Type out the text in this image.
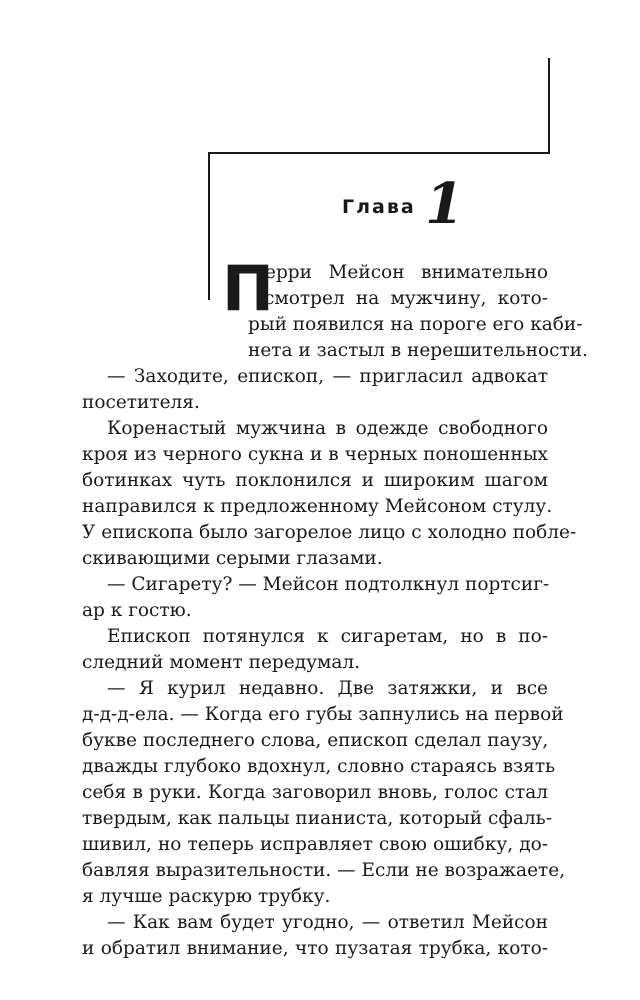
Глава 1
П
ерри Мейсон внимательно
смотрел на мужчину, кото-
рый появился на пороге его каби-
нета и застыл в нерешительности.
— Заходите, епископ, — пригласил адвокат
посетителя.
Коренастый мужчина в одежде свободного
кроя из черного сукна и в черных поношенных
ботинках чуть поклонился и широким шагом
направился к предложенному Мейсоном стулу.
У епископа было загорелое лицо с холодно побле-
скивающими серыми глазами.
— Сигарету? — Мейсон подтолкнул портсиг-
ар к гостю.
Епископ потянулся к сигаретам, но в по-
следний момент передумал.
— Я курил недавно. Две затяжки, и все
д-д-д-ела. — Когда его губы запнулись на первой
букве последнего слова, епископ сделал паузу,
дважды глубоко вдохнул, словно стараясь взять
себя в руки. Когда заговорил вновь, голос стал
твердым, как пальцы пианиста, который сфаль-
шивил, но теперь исправляет свою ошибку, до-
бавляя выразительности. — Если не возражаете,
я лучше раскурю трубку.
— Как вам будет угодно, — ответил Мейсон
и обратил внимание, что пузатая трубка, кото-
